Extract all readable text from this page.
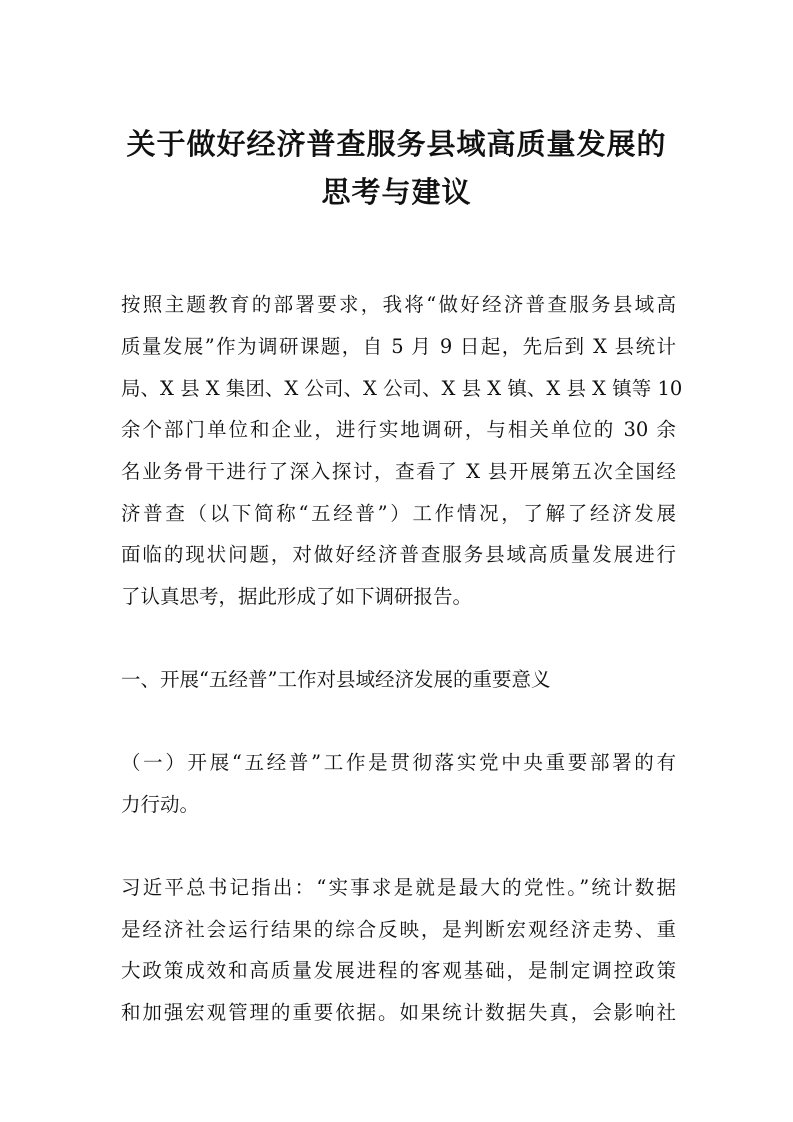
关于做好经济普查服务县域高质量发展的
思考与建议

按照主题教育的部署要求，我将“做好经济普查服务县域高

质量发展”作为调研课题，自 5 月 9 日起，先后到 X 县统计

局、X 县 X 集团、X 公司、X 公司、X 县 X 镇、X 县 X 镇等 10

余个部门单位和企业，进行实地调研，与相关单位的 30 余

名业务骨干进行了深入探讨，查看了 X 县开展第五次全国经

济普查（以下简称“五经普”）工作情况，了解了经济发展

面临的现状问题，对做好经济普查服务县域高质量发展进行

了认真思考，据此形成了如下调研报告。

一、开展“五经普”工作对县域经济发展的重要意义

（一）开展“五经普”工作是贯彻落实党中央重要部署的有

力行动。

习近平总书记指出：“实事求是就是最大的党性。”统计数据

是经济社会运行结果的综合反映，是判断宏观经济走势、重

大政策成效和高质量发展进程的客观基础，是制定调控政策

和加强宏观管理的重要依据。如果统计数据失真，会影响社
